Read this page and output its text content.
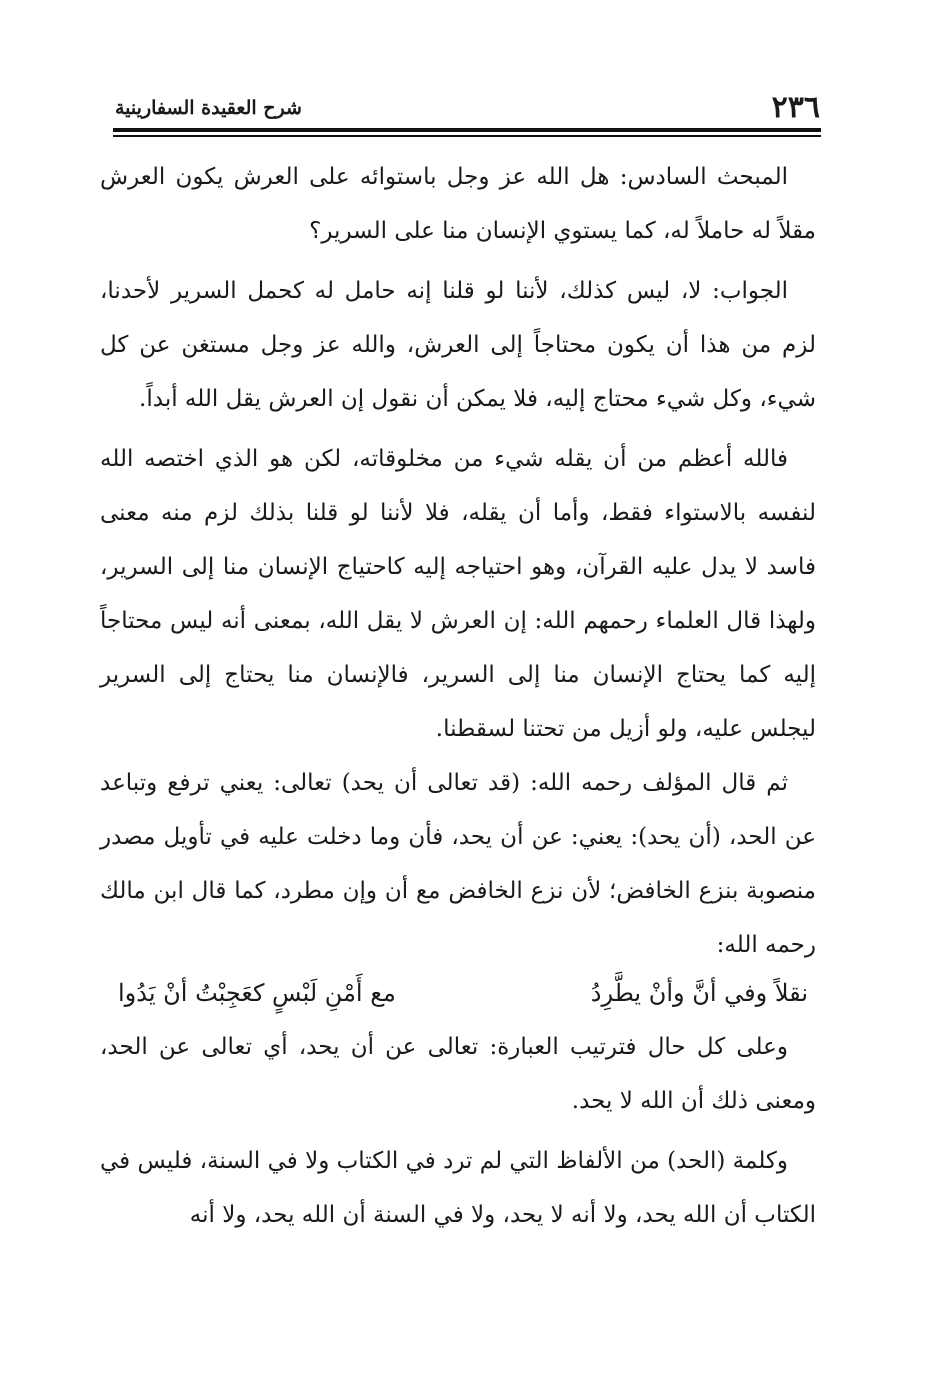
٢٣٦
شرح العقيدة السفارينية

المبحث السادس: هل الله عز وجل باستوائه على العرش يكون العرش مقلاً له حاملاً له، كما يستوي الإنسان منا على السرير؟

الجواب: لا، ليس كذلك، لأننا لو قلنا إنه حامل له كحمل السرير لأحدنا، لزم من هذا أن يكون محتاجاً إلى العرش، والله عز وجل مستغن عن كل شيء، وكل شيء محتاج إليه، فلا يمكن أن نقول إن العرش يقل الله أبداً.

فالله أعظم من أن يقله شيء من مخلوقاته، لكن هو الذي اختصه الله لنفسه بالاستواء فقط، وأما أن يقله، فلا لأننا لو قلنا بذلك لزم منه معنى فاسد لا يدل عليه القرآن، وهو احتياجه إليه كاحتياج الإنسان منا إلى السرير، ولهذا قال العلماء رحمهم الله: إن العرش لا يقل الله، بمعنى أنه ليس محتاجاً إليه كما يحتاج الإنسان منا إلى السرير، فالإنسان منا يحتاج إلى السرير ليجلس عليه، ولو أزيل من تحتنا لسقطنا.

ثم قال المؤلف رحمه الله: (قد تعالى أن يحد) تعالى: يعني ترفع وتباعد عن الحد، (أن يحد): يعني: عن أن يحد، فأن وما دخلت عليه في تأويل مصدر منصوبة بنزع الخافض؛ لأن نزع الخافض مع أن وإن مطرد، كما قال ابن مالك رحمه الله:

نقلاً وفي أنَّ وأنْ يطَّرِدُ
مع أَمْنِ لَبْسٍ كعَجِبْتُ أنْ يَدُوا

وعلى كل حال فترتيب العبارة: تعالى عن أن يحد، أي تعالى عن الحد، ومعنى ذلك أن الله لا يحد.

وكلمة (الحد) من الألفاظ التي لم ترد في الكتاب ولا في السنة، فليس في الكتاب أن الله يحد، ولا أنه لا يحد، ولا في السنة أن الله يحد، ولا أنه
